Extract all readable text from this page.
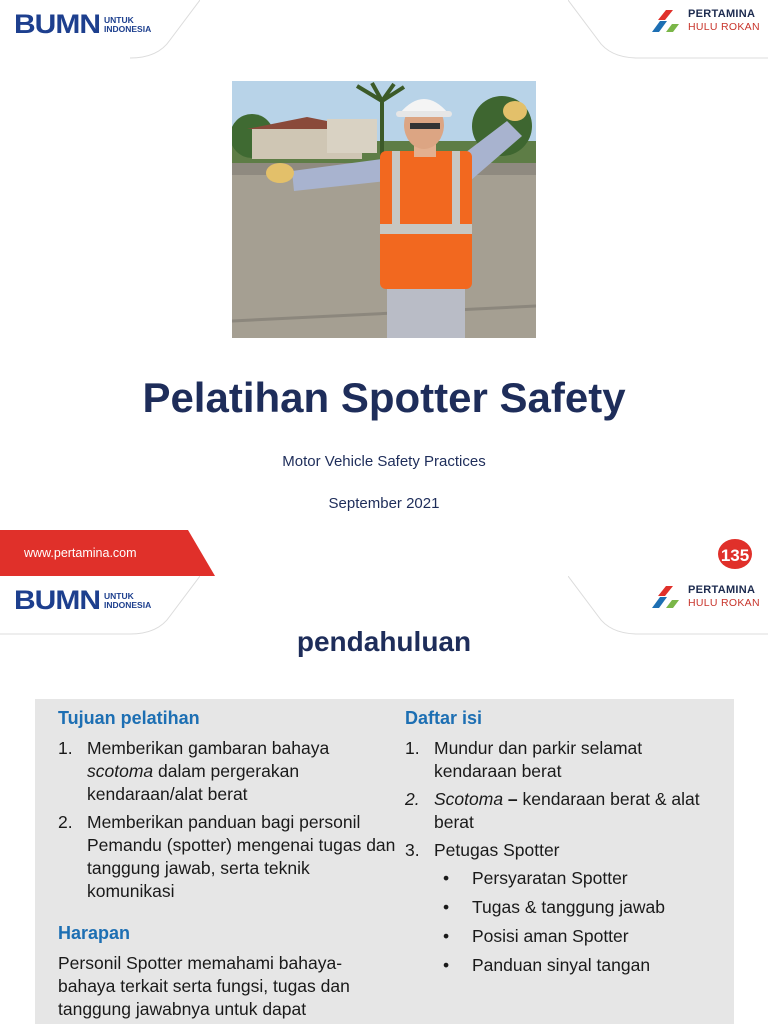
BUMN UNTUK
INDONESIA
PERTAMINA
HULU ROKAN
Pelatihan Spotter Safety
Motor Vehicle Safety Practices
September 2021
www.pertamina.com	135
BUMN UNTUK
INDONESIA
PERTAMINA
HULU ROKAN
pendahuluan
Tujuan pelatihan
1. Memberikan gambaran bahaya scotoma dalam pergerakan kendaraan/alat berat
2. Memberikan panduan bagi personil Pemandu (spotter) mengenai tugas dan tanggung jawab, serta teknik komunikasi
Harapan
Personil Spotter memahami bahaya-bahaya terkait serta fungsi, tugas dan tanggung jawabnya untuk dapat
Daftar isi
1. Mundur dan parkir selamat kendaraan berat
2. Scotoma – kendaraan berat & alat berat
3. Petugas Spotter
•	Persyaratan Spotter
•	Tugas & tanggung jawab
•	Posisi aman Spotter
•	Panduan sinyal tangan
